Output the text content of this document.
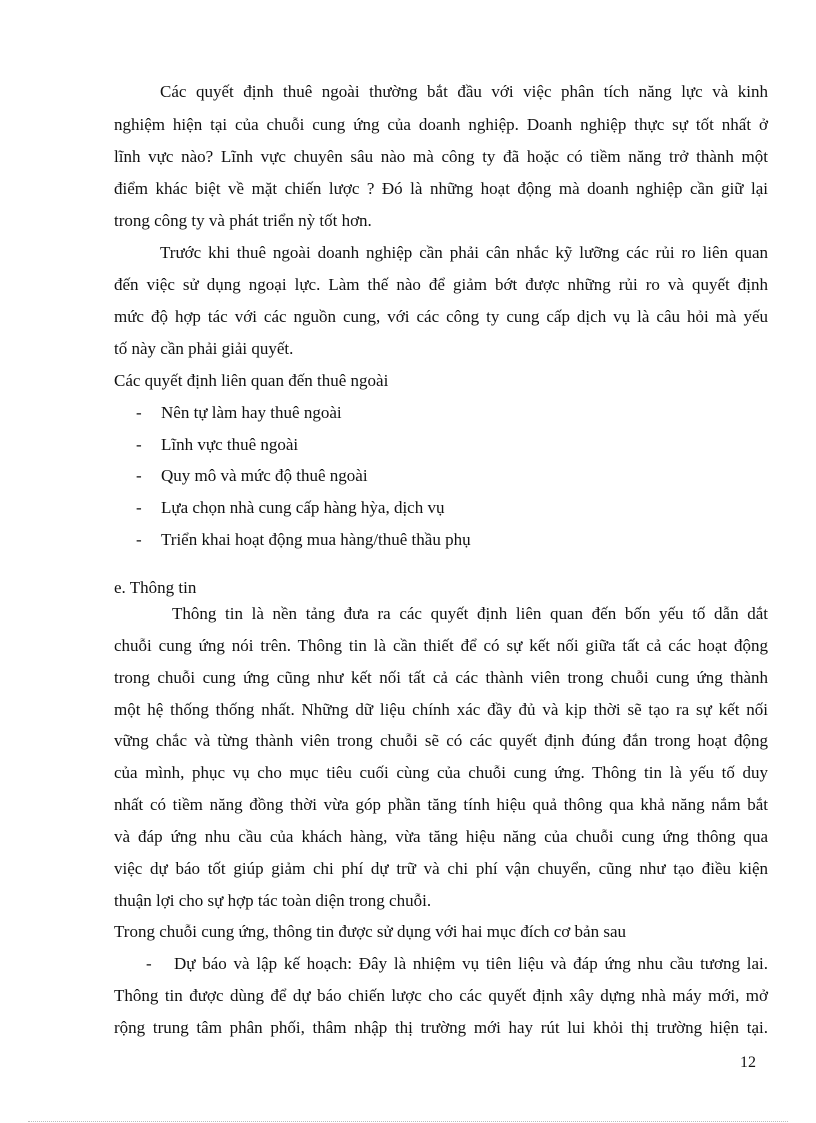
Các quyết định thuê ngoài thường bắt đầu với việc phân tích năng lực và kinh
nghiệm hiện tại của chuỗi cung ứng của doanh nghiệp. Doanh nghiệp thực sự tốt nhất ở
lĩnh vực nào? Lĩnh vực chuyên sâu nào mà công ty đã hoặc có tiềm năng trở thành một
điểm khác biệt về mặt chiến lược ? Đó là những hoạt động mà doanh nghiệp cần giữ lại
trong công ty và phát triển nỳ tốt hơn.
Trước khi thuê ngoài doanh nghiệp cần phải cân nhắc kỹ lưỡng các rủi ro liên quan
đến việc sử dụng ngoại lực. Làm thế nào để giảm bớt được những rủi ro và quyết định
mức độ hợp tác với các nguồn cung, với các công ty cung cấp dịch vụ là câu hỏi mà yếu
tố này cần phải giải quyết.
Các quyết định liên quan đến thuê ngoài
- Nên tự làm hay thuê ngoài
- Lĩnh vực thuê ngoài
- Quy mô và mức độ thuê ngoài
- Lựa chọn nhà cung cấp hàng hỳa, dịch vụ
- Triển khai hoạt động mua hàng/thuê thầu phụ
e. Thông tin
Thông tin là nền tảng đưa ra các quyết định liên quan đến bốn yếu tố dẫn dắt
chuỗi cung ứng nói trên. Thông tin là cần thiết để có sự kết nối giữa tất cả các hoạt động
trong chuỗi cung ứng cũng như kết nối tất cả các thành viên trong chuỗi cung ứng thành
một hệ thống thống nhất. Những dữ liệu chính xác đầy đủ và kịp thời sẽ tạo ra sự kết nối
vững chắc và từng thành viên trong chuỗi sẽ có các quyết định đúng đắn trong hoạt động
của mình, phục vụ cho mục tiêu cuối cùng của chuỗi cung ứng. Thông tin là yếu tố duy
nhất có tiềm năng đồng thời vừa góp phần tăng tính hiệu quả thông qua khả năng nắm bắt
và đáp ứng nhu cầu của khách hàng, vừa tăng hiệu năng của chuỗi cung ứng thông qua
việc dự báo tốt giúp giảm chi phí dự trữ và chi phí vận chuyển, cũng như tạo điều kiện
thuận lợi cho sự hợp tác toàn diện trong chuỗi.
Trong chuỗi cung ứng, thông tin được sử dụng với hai mục đích cơ bản sau
- Dự báo và lập kế hoạch: Đây là nhiệm vụ tiên liệu và đáp ứng nhu cầu tương lai.
Thông tin được dùng để dự báo chiến lược cho các quyết định xây dựng nhà máy mới, mở
rộng trung tâm phân phối, thâm nhập thị trường mới hay rút lui khỏi thị trường hiện tại.
12
